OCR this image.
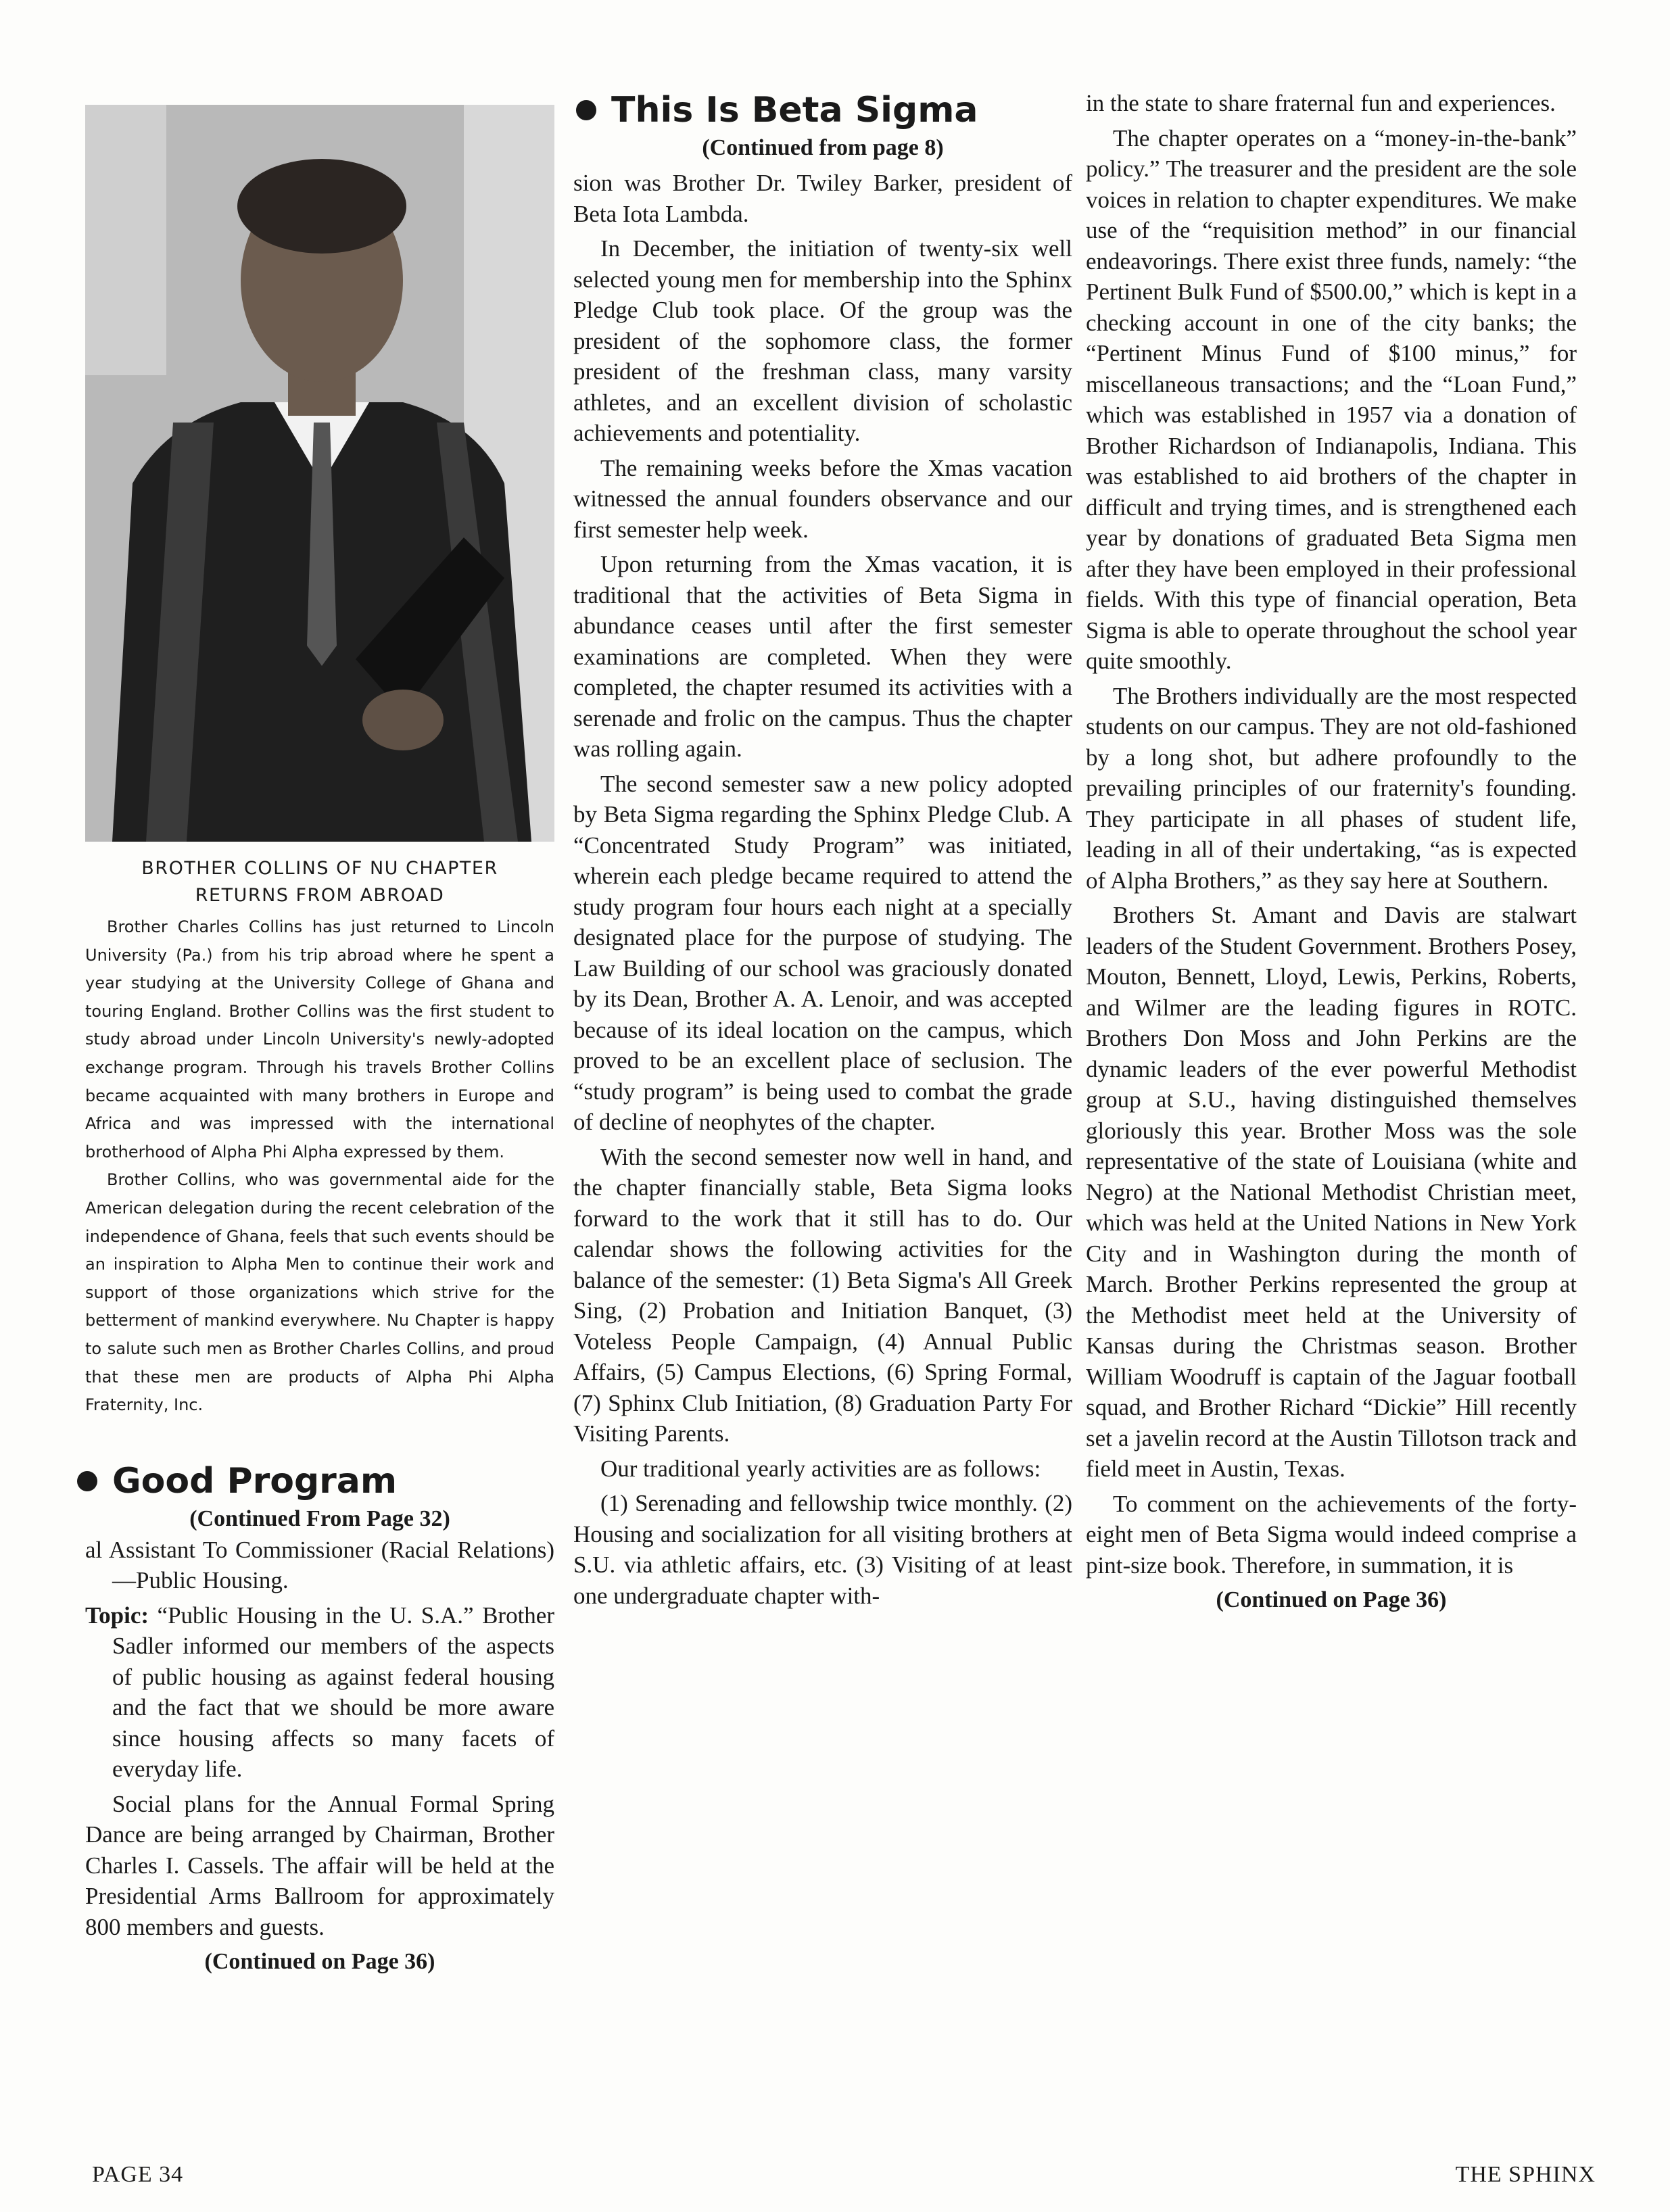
BROTHER COLLINS OF NU CHAPTER
RETURNS FROM ABROAD

Brother Charles Collins has just returned to Lincoln University (Pa.) from his trip abroad where he spent a year studying at the University College of Ghana and touring England. Brother Collins was the first student to study abroad under Lincoln University's newly-adopted exchange program. Through his travels Brother Collins became acquainted with many brothers in Europe and Africa and was impressed with the international brotherhood of Alpha Phi Alpha expressed by them.

Brother Collins, who was governmental aide for the American delegation during the recent celebration of the independence of Ghana, feels that such events should be an inspiration to Alpha Men to continue their work and support of those organizations which strive for the betterment of mankind everywhere. Nu Chapter is happy to salute such men as Brother Charles Collins, and proud that these men are products of Alpha Phi Alpha Fraternity, Inc.

Good Program
(Continued From Page 32)

al Assistant To Commissioner (Racial Relations)—Public Housing.

Topic: “Public Housing in the U. S.A.” Brother Sadler informed our members of the aspects of public housing as against federal housing and the fact that we should be more aware since housing affects so many facets of everyday life.

Social plans for the Annual Formal Spring Dance are being arranged by Chairman, Brother Charles I. Cassels. The affair will be held at the Presidential Arms Ballroom for approximately 800 members and guests.

(Continued on Page 36)
This Is Beta Sigma
(Continued from page 8)

sion was Brother Dr. Twiley Barker, president of Beta Iota Lambda.

In December, the initiation of twenty-six well selected young men for membership into the Sphinx Pledge Club took place. Of the group was the president of the sophomore class, the former president of the freshman class, many varsity athletes, and an excellent division of scholastic achievements and potentiality.

The remaining weeks before the Xmas vacation witnessed the annual founders observance and our first semester help week.

Upon returning from the Xmas vacation, it is traditional that the activities of Beta Sigma in abundance ceases until after the first semester examinations are completed. When they were completed, the chapter resumed its activities with a serenade and frolic on the campus. Thus the chapter was rolling again.

The second semester saw a new policy adopted by Beta Sigma regarding the Sphinx Pledge Club. A “Concentrated Study Program” was initiated, wherein each pledge became required to attend the study program four hours each night at a specially designated place for the purpose of studying. The Law Building of our school was graciously donated by its Dean, Brother A. A. Lenoir, and was accepted because of its ideal location on the campus, which proved to be an excellent place of seclusion. The “study program” is being used to combat the grade of decline of neophytes of the chapter.

With the second semester now well in hand, and the chapter financially stable, Beta Sigma looks forward to the work that it still has to do. Our calendar shows the following activities for the balance of the semester: (1) Beta Sigma's All Greek Sing, (2) Probation and Initiation Banquet, (3) Voteless People Campaign, (4) Annual Public Affairs, (5) Campus Elections, (6) Spring Formal, (7) Sphinx Club Initiation, (8) Graduation Party For Visiting Parents.

Our traditional yearly activities are as follows:

(1) Serenading and fellowship twice monthly. (2) Housing and socialization for all visiting brothers at S.U. via athletic affairs, etc. (3) Visiting of at least one undergraduate chapter with-

in the state to share fraternal fun and experiences.

The chapter operates on a “money-in-the-bank” policy.” The treasurer and the president are the sole voices in relation to chapter expenditures. We make use of the “requisition method” in our financial endeavorings. There exist three funds, namely: “the Pertinent Bulk Fund of $500.00,” which is kept in a checking account in one of the city banks; the “Pertinent Minus Fund of $100 minus,” for miscellaneous transactions; and the “Loan Fund,” which was established in 1957 via a donation of Brother Richardson of Indianapolis, Indiana. This was established to aid brothers of the chapter in difficult and trying times, and is strengthened each year by donations of graduated Beta Sigma men after they have been employed in their professional fields. With this type of financial operation, Beta Sigma is able to operate throughout the school year quite smoothly.

The Brothers individually are the most respected students on our campus. They are not old-fashioned by a long shot, but adhere profoundly to the prevailing principles of our fraternity's founding. They participate in all phases of student life, leading in all of their undertaking, “as is expected of Alpha Brothers,” as they say here at Southern.

Brothers St. Amant and Davis are stalwart leaders of the Student Government. Brothers Posey, Mouton, Bennett, Lloyd, Lewis, Perkins, Roberts, and Wilmer are the leading figures in ROTC. Brothers Don Moss and John Perkins are the dynamic leaders of the ever powerful Methodist group at S.U., having distinguished themselves gloriously this year. Brother Moss was the sole representative of the state of Louisiana (white and Negro) at the National Methodist Christian meet, which was held at the United Nations in New York City and in Washington during the month of March. Brother Perkins represented the group at the Methodist meet held at the University of Kansas during the Christmas season. Brother William Woodruff is captain of the Jaguar football squad, and Brother Richard “Dickie” Hill recently set a javelin record at the Austin Tillotson track and field meet in Austin, Texas.

To comment on the achievements of the forty-eight men of Beta Sigma would indeed comprise a pint-size book. Therefore, in summation, it is

(Continued on Page 36)
PAGE 34	THE SPHINX
